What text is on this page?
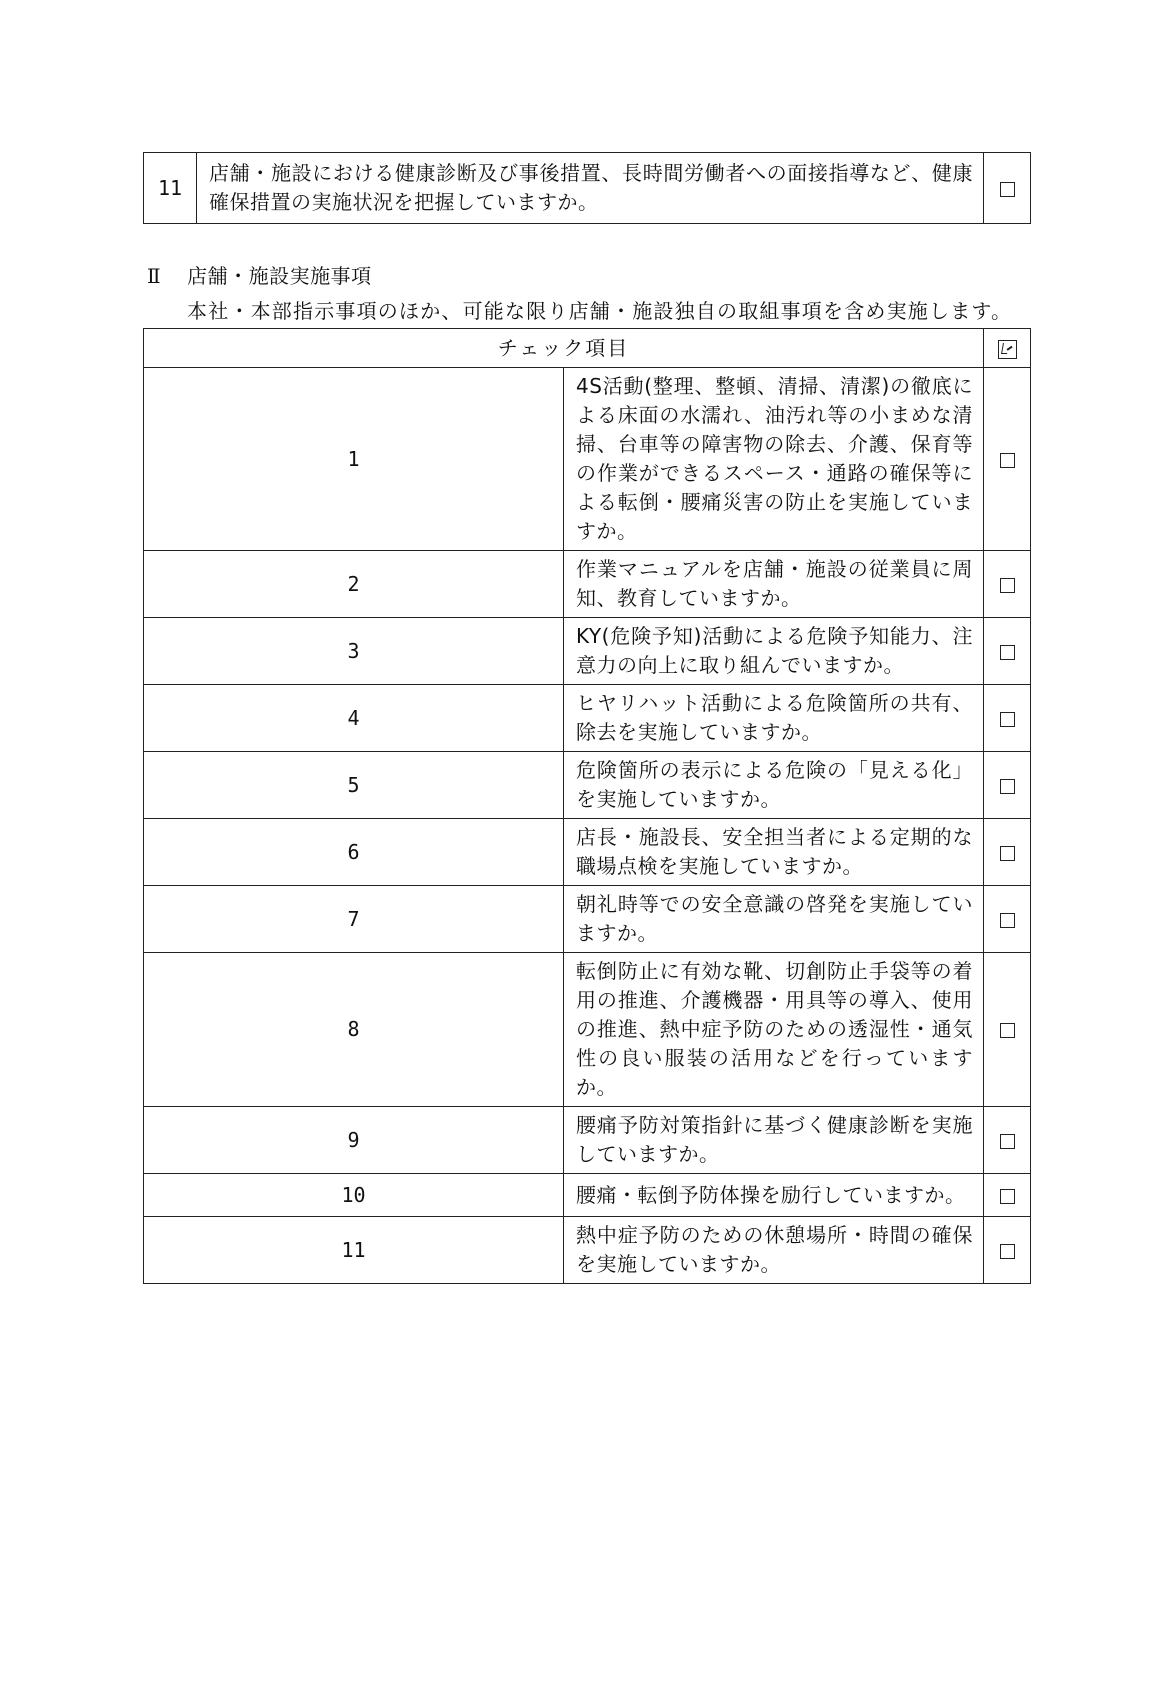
11	店舗・施設における健康診断及び事後措置、長時間労働者への面接指導など、健康確保措置の実施状況を把握していますか。	
Ⅱ 店舗・施設実施事項
本社・本部指示事項のほか、可能な限り店舗・施設独自の取組事項を含め実施します。
チェック項目		
1	4S活動(整理、整頓、清掃、清潔)の徹底による床面の水濡れ、油汚れ等の小まめな清掃、台車等の障害物の除去、介護、保育等の作業ができるスペース・通路の確保等による転倒・腰痛災害の防止を実施していますか。	
2	作業マニュアルを店舗・施設の従業員に周知、教育していますか。	
3	KY(危険予知)活動による危険予知能力、注意力の向上に取り組んでいますか。	
4	ヒヤリハット活動による危険箇所の共有、除去を実施していますか。	
5	危険箇所の表示による危険の「見える化」を実施していますか。	
6	店長・施設長、安全担当者による定期的な職場点検を実施していますか。	
7	朝礼時等での安全意識の啓発を実施していますか。	
8	転倒防止に有効な靴、切創防止手袋等の着用の推進、介護機器・用具等の導入、使用の推進、熱中症予防のための透湿性・通気性の良い服装の活用などを行っていますか。	
9	腰痛予防対策指針に基づく健康診断を実施していますか。	
10	腰痛・転倒予防体操を励行していますか。	
11	熱中症予防のための休憩場所・時間の確保を実施していますか。	
